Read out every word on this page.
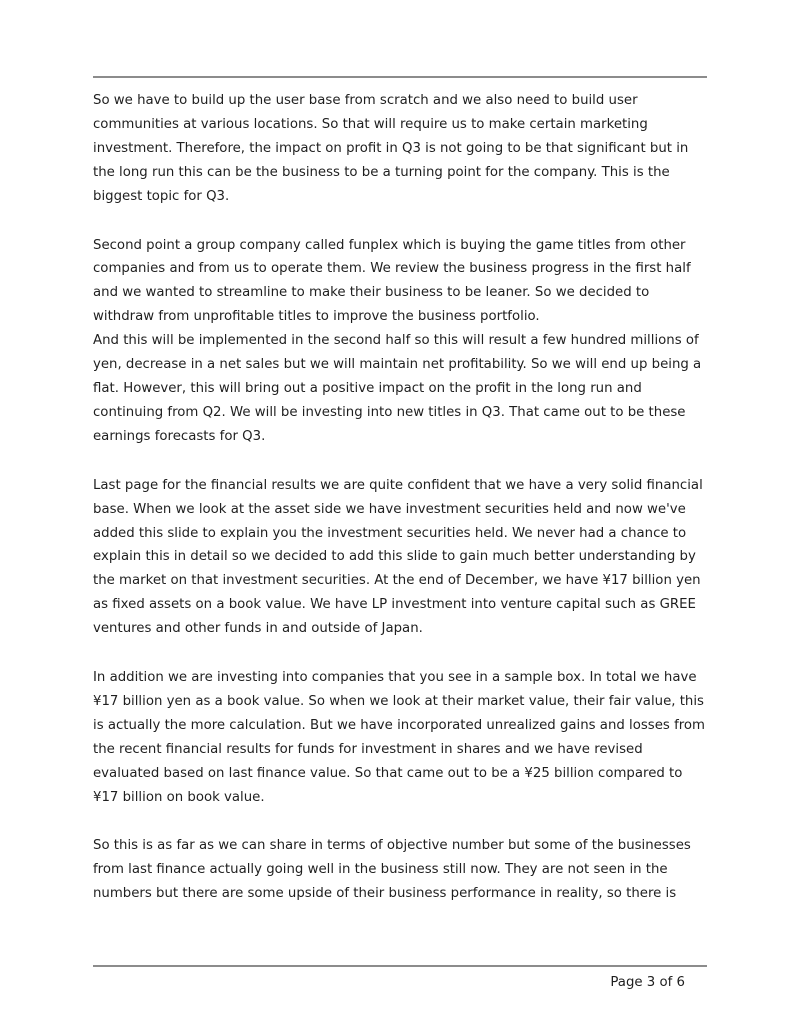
So we have to build up the user base from scratch and we also need to build user communities at various locations. So that will require us to make certain marketing investment. Therefore, the impact on profit in Q3 is not going to be that significant but in the long run this can be the business to be a turning point for the company. This is the biggest topic for Q3.

Second point a group company called funplex which is buying the game titles from other companies and from us to operate them. We review the business progress in the first half and we wanted to streamline to make their business to be leaner. So we decided to withdraw from unprofitable titles to improve the business portfolio.

And this will be implemented in the second half so this will result a few hundred millions of yen, decrease in a net sales but we will maintain net profitability. So we will end up being a flat. However, this will bring out a positive impact on the profit in the long run and continuing from Q2. We will be investing into new titles in Q3. That came out to be these earnings forecasts for Q3.

Last page for the financial results we are quite confident that we have a very solid financial base. When we look at the asset side we have investment securities held and now we've added this slide to explain you the investment securities held. We never had a chance to explain this in detail so we decided to add this slide to gain much better understanding by the market on that investment securities. At the end of December, we have ¥17 billion yen as fixed assets on a book value. We have LP investment into venture capital such as GREE ventures and other funds in and outside of Japan.

In addition we are investing into companies that you see in a sample box. In total we have ¥17 billion yen as a book value. So when we look at their market value, their fair value, this is actually the more calculation. But we have incorporated unrealized gains and losses from the recent financial results for funds for investment in shares and we have revised evaluated based on last finance value. So that came out to be a ¥25 billion compared to ¥17 billion on book value.

So this is as far as we can share in terms of objective number but some of the businesses from last finance actually going well in the business still now. They are not seen in the numbers but there are some upside of their business performance in reality, so there is

Page 3 of 6
